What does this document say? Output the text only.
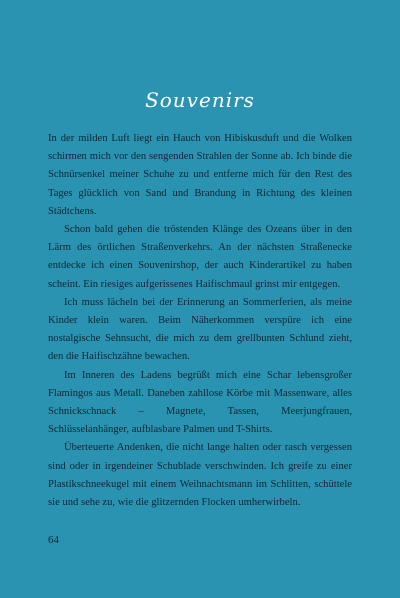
Souvenirs

In der milden Luft liegt ein Hauch von Hibiskusduft und die Wolken schirmen mich vor den sengenden Strahlen der Sonne ab. Ich binde die Schnürsenkel meiner Schuhe zu und entferne mich für den Rest des Tages glücklich von Sand und Brandung in Richtung des kleinen Städtchens.

Schon bald gehen die tröstenden Klänge des Ozeans über in den Lärm des örtlichen Straßenverkehrs. An der nächsten Straßenecke entdecke ich einen Souvenirshop, der auch Kinderartikel zu haben scheint. Ein riesiges aufgerissenes Haifischmaul grinst mir entgegen.

Ich muss lächeln bei der Erinnerung an Sommerferien, als meine Kinder klein waren. Beim Näherkommen verspüre ich eine nostalgische Sehnsucht, die mich zu dem grellbunten Schlund zieht, den die Haifischzähne bewachen.

Im Inneren des Ladens begrüßt mich eine Schar lebensgroßer Flamingos aus Metall. Daneben zahllose Körbe mit Massenware, alles Schnickschnack – Magnete, Tassen, Meerjungfrauen, Schlüsselanhänger, aufblasbare Palmen und T-Shirts.

Überteuerte Andenken, die nicht lange halten oder rasch vergessen sind oder in irgendeiner Schublade verschwinden. Ich greife zu einer Plastikschneekugel mit einem Weihnachtsmann im Schlitten, schüttele sie und sehe zu, wie die glitzernden Flocken umherwirbeln.

64
